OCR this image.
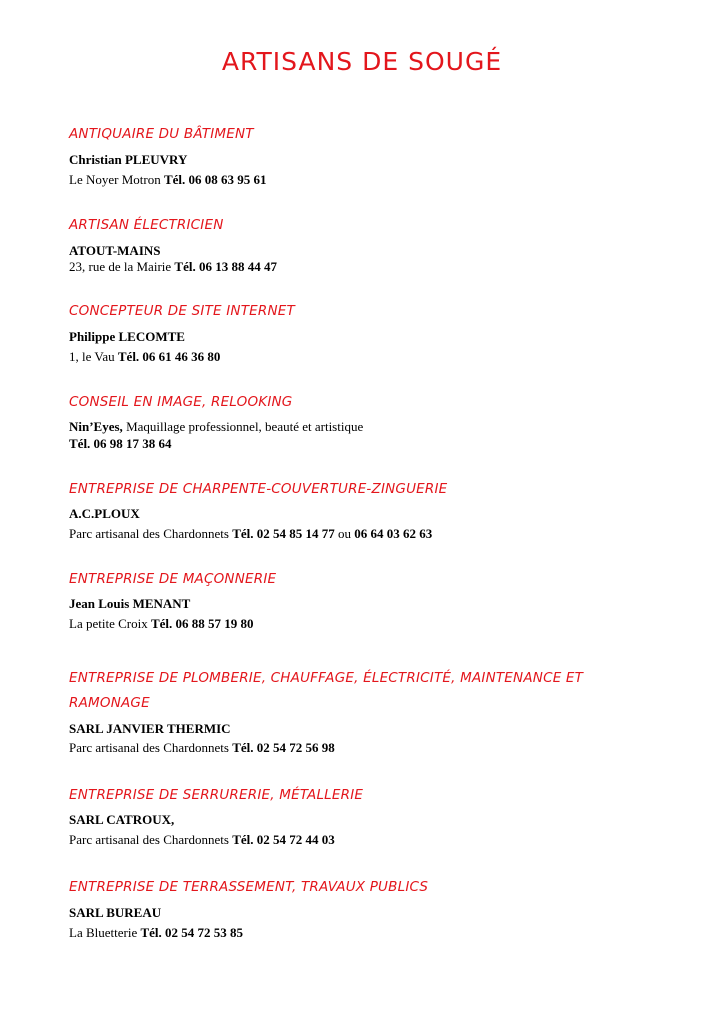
ARTISANS DE SOUGÉ
ANTIQUAIRE DU BÂTIMENT
Christian PLEUVRY
Le Noyer Motron Tél. 06 08 63 95 61
ARTISAN ÉLECTRICIEN
ATOUT-MAINS
23, rue de la Mairie Tél. 06 13 88 44 47
CONCEPTEUR DE SITE INTERNET
Philippe LECOMTE
1, le Vau Tél. 06 61 46 36 80
CONSEIL EN IMAGE, RELOOKING
Nin’Eyes, Maquillage professionnel, beauté et artistique
Tél. 06 98 17 38 64
ENTREPRISE DE CHARPENTE-COUVERTURE-ZINGUERIE
A.C.PLOUX
Parc artisanal des Chardonnets Tél. 02 54 85 14 77 ou 06 64 03 62 63
ENTREPRISE DE MAÇONNERIE
Jean Louis MENANT
La petite Croix Tél. 06 88 57 19 80
ENTREPRISE DE PLOMBERIE, CHAUFFAGE, ÉLECTRICITÉ, MAINTENANCE ET
RAMONAGE
SARL JANVIER THERMIC
Parc artisanal des Chardonnets Tél. 02 54 72 56 98
ENTREPRISE DE SERRURERIE, MÉTALLERIE
SARL CATROUX,
Parc artisanal des Chardonnets Tél. 02 54 72 44 03
ENTREPRISE DE TERRASSEMENT, TRAVAUX PUBLICS
SARL BUREAU
La Bluetterie Tél. 02 54 72 53 85
